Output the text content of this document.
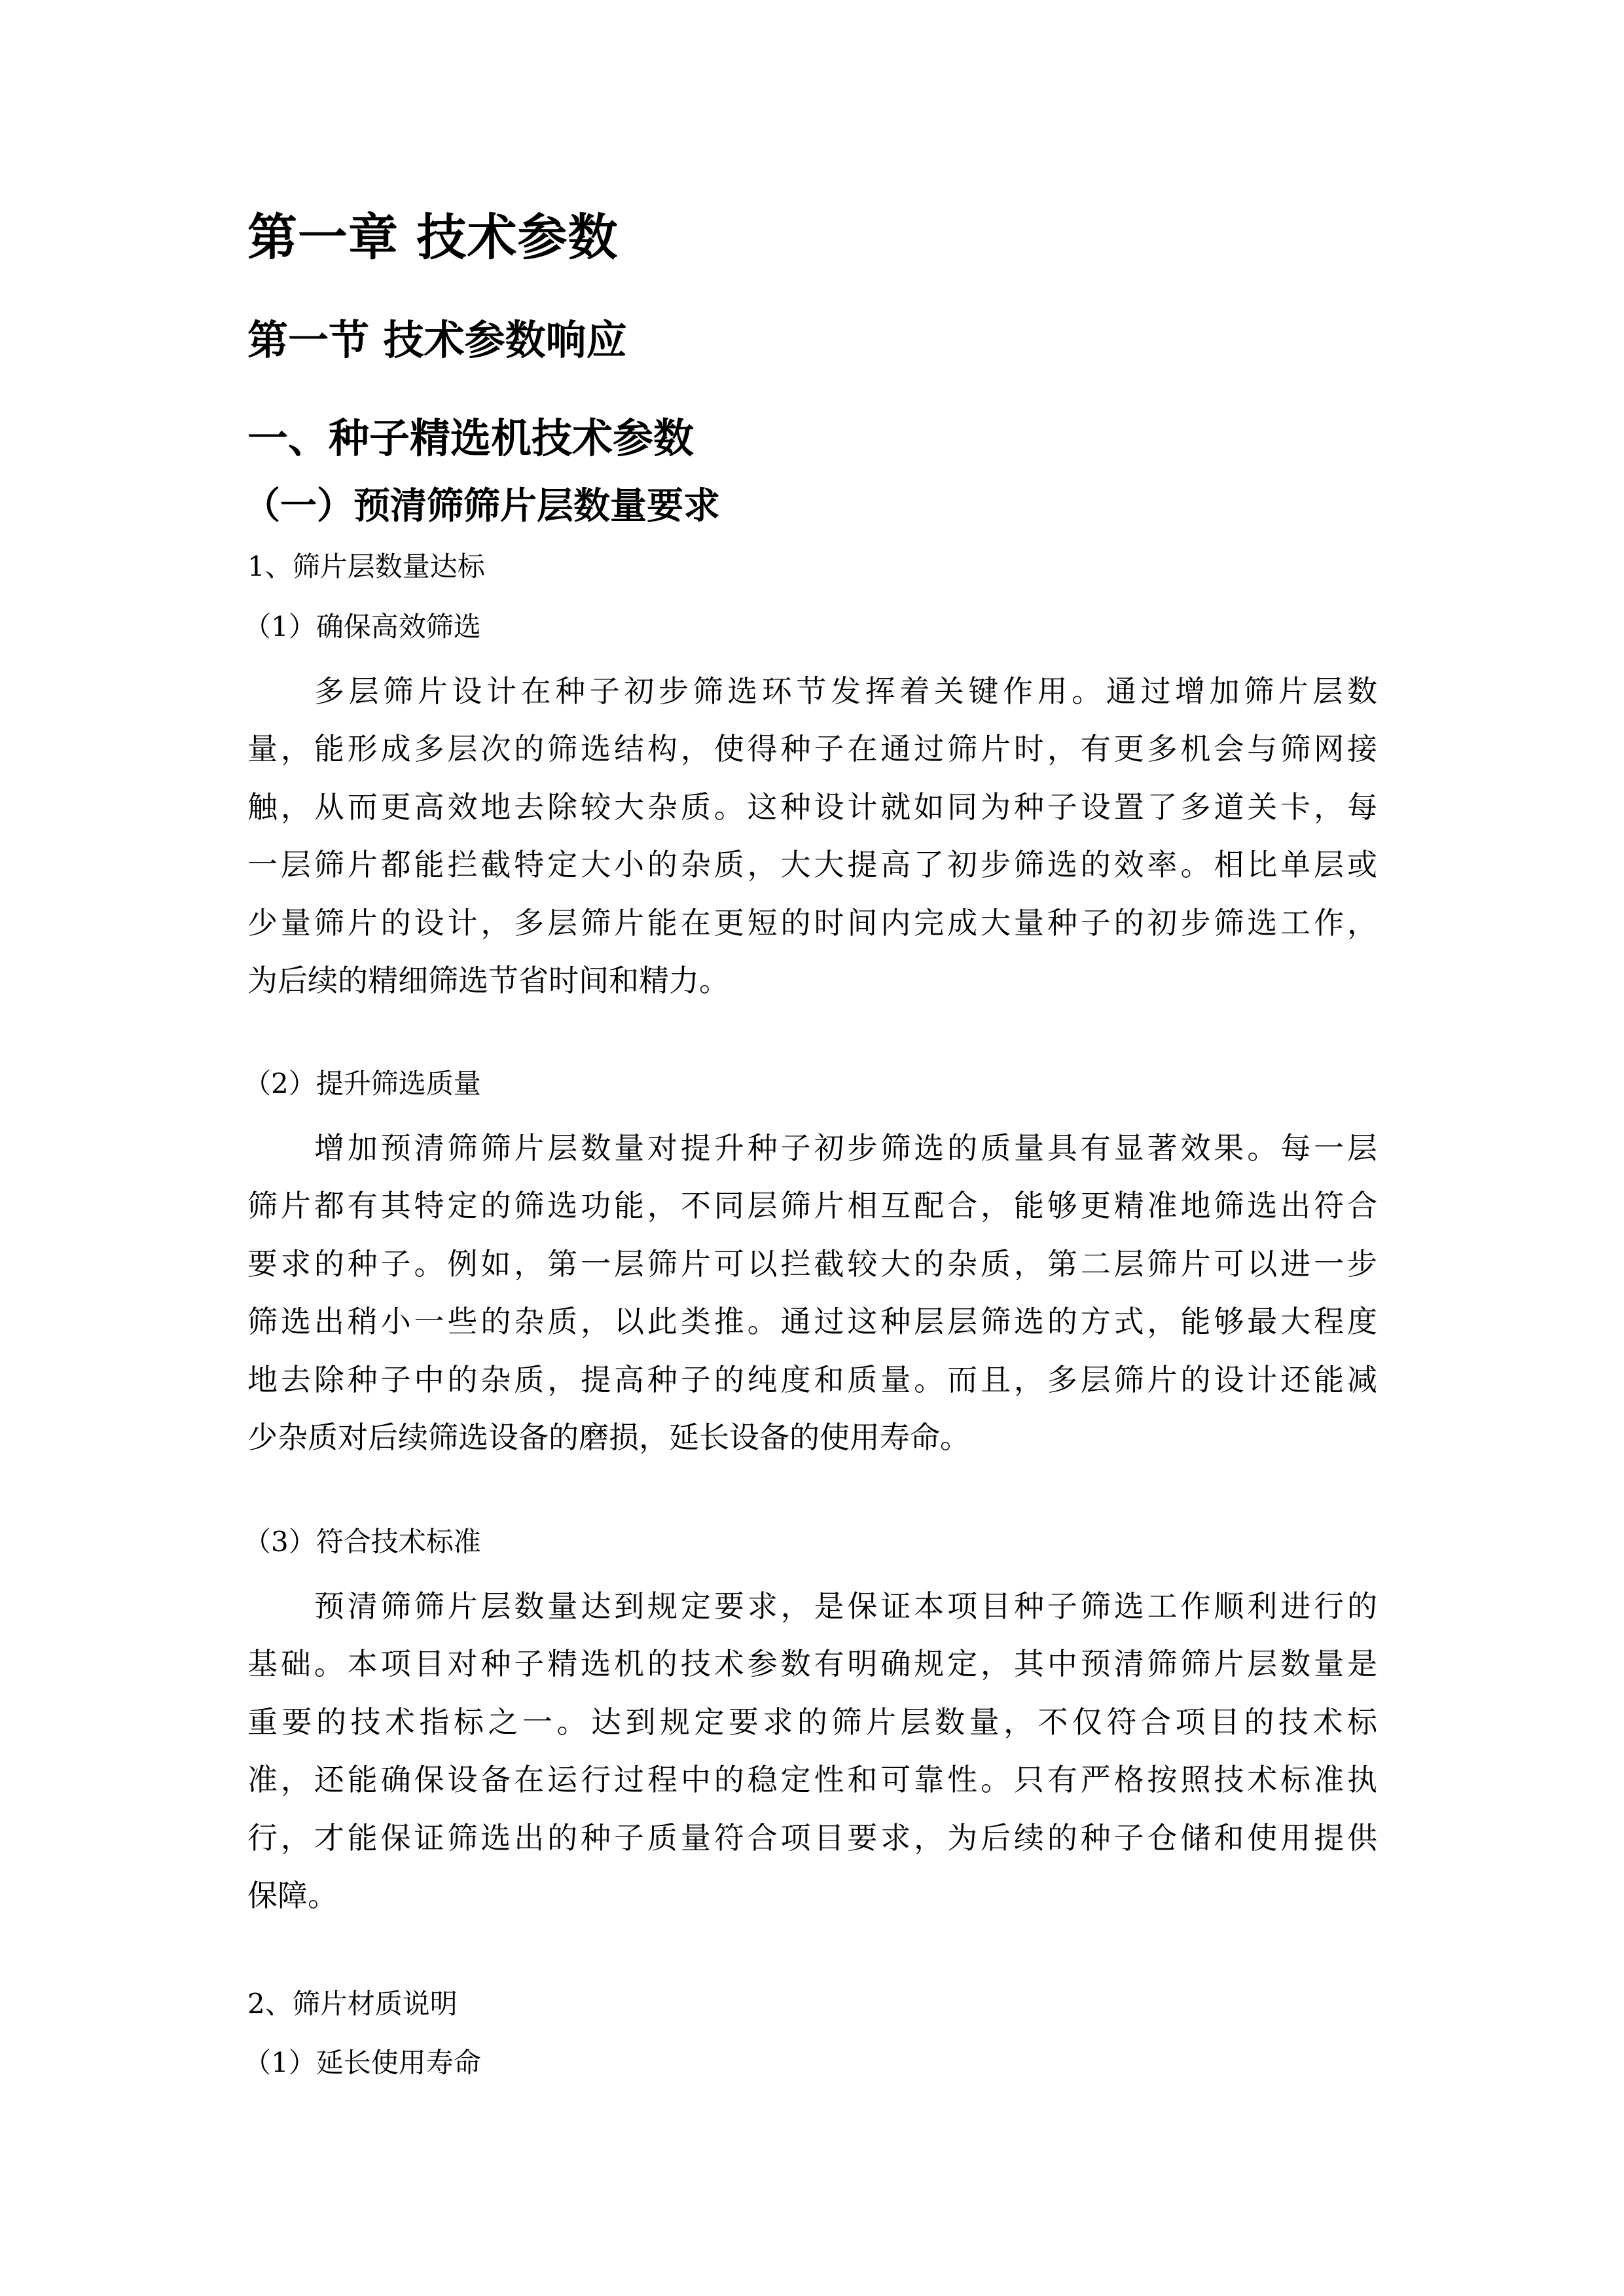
第一章 技术参数
第一节 技术参数响应
一、种子精选机技术参数
（一）预清筛筛片层数量要求
1、筛片层数量达标
（1）确保高效筛选
多层筛片设计在种子初步筛选环节发挥着关键作用。通过增加筛片层数
量，能形成多层次的筛选结构，使得种子在通过筛片时，有更多机会与筛网接
触，从而更高效地去除较大杂质。这种设计就如同为种子设置了多道关卡，每
一层筛片都能拦截特定大小的杂质，大大提高了初步筛选的效率。相比单层或
少量筛片的设计，多层筛片能在更短的时间内完成大量种子的初步筛选工作，
为后续的精细筛选节省时间和精力。
（2）提升筛选质量
增加预清筛筛片层数量对提升种子初步筛选的质量具有显著效果。每一层
筛片都有其特定的筛选功能，不同层筛片相互配合，能够更精准地筛选出符合
要求的种子。例如，第一层筛片可以拦截较大的杂质，第二层筛片可以进一步
筛选出稍小一些的杂质，以此类推。通过这种层层筛选的方式，能够最大程度
地去除种子中的杂质，提高种子的纯度和质量。而且，多层筛片的设计还能减
少杂质对后续筛选设备的磨损，延长设备的使用寿命。
（3）符合技术标准
预清筛筛片层数量达到规定要求，是保证本项目种子筛选工作顺利进行的
基础。本项目对种子精选机的技术参数有明确规定，其中预清筛筛片层数量是
重要的技术指标之一。达到规定要求的筛片层数量，不仅符合项目的技术标
准，还能确保设备在运行过程中的稳定性和可靠性。只有严格按照技术标准执
行，才能保证筛选出的种子质量符合项目要求，为后续的种子仓储和使用提供
保障。
2、筛片材质说明
（1）延长使用寿命
